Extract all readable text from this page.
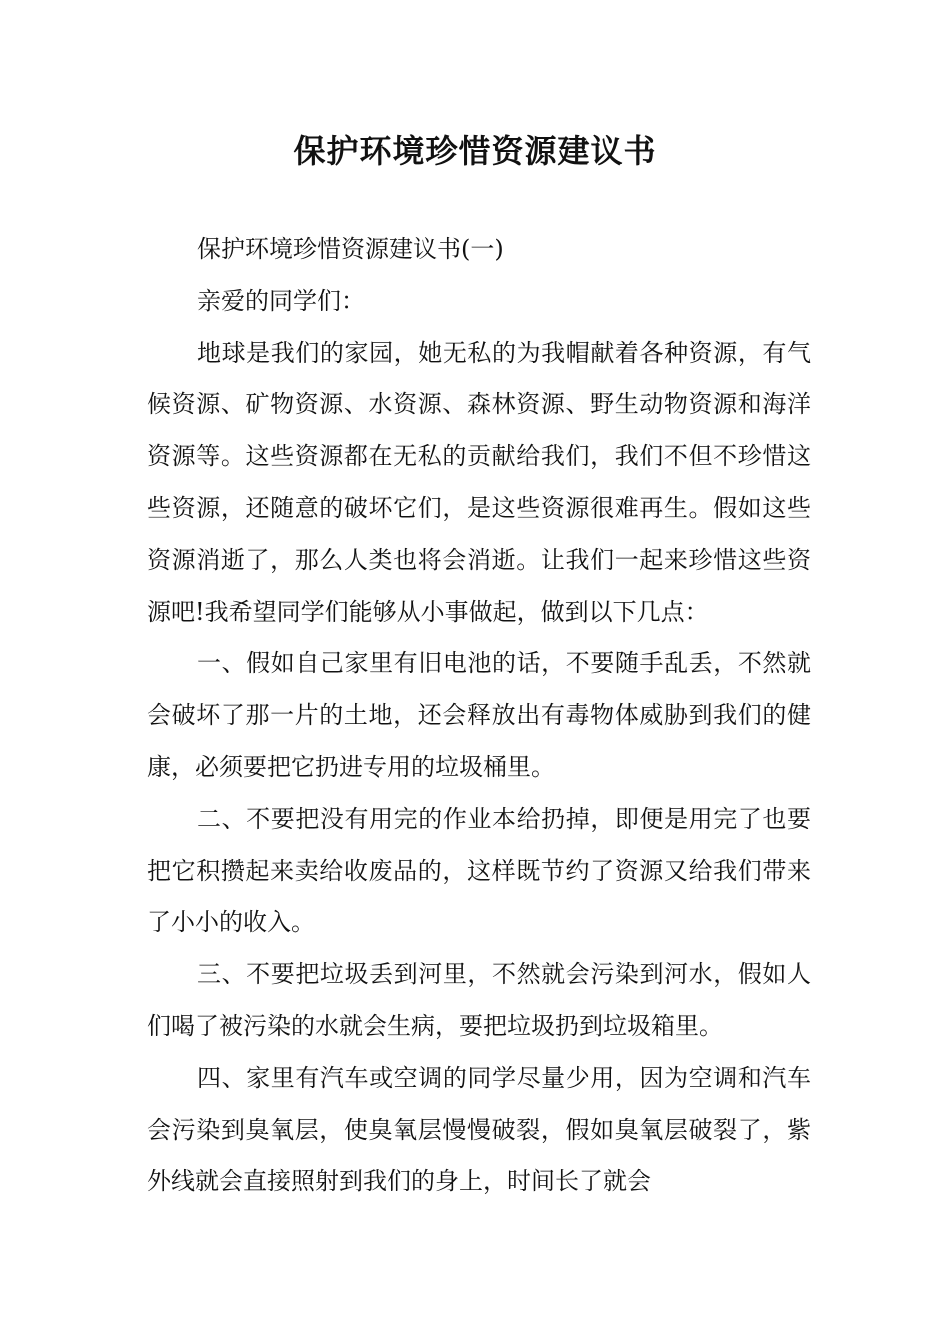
保护环境珍惜资源建议书

保护环境珍惜资源建议书(一)

亲爱的同学们：

地球是我们的家园，她无私的为我帽献着各种资源，有气候资源、矿物资源、水资源、森林资源、野生动物资源和海洋资源等。这些资源都在无私的贡献给我们，我们不但不珍惜这些资源，还随意的破坏它们，是这些资源很难再生。假如这些资源消逝了，那么人类也将会消逝。让我们一起来珍惜这些资源吧!我希望同学们能够从小事做起，做到以下几点：

一、假如自己家里有旧电池的话，不要随手乱丢，不然就会破坏了那一片的土地，还会释放出有毒物体威胁到我们的健康，必须要把它扔进专用的垃圾桶里。

二、不要把没有用完的作业本给扔掉，即便是用完了也要把它积攒起来卖给收废品的，这样既节约了资源又给我们带来了小小的收入。

三、不要把垃圾丢到河里，不然就会污染到河水，假如人们喝了被污染的水就会生病，要把垃圾扔到垃圾箱里。

四、家里有汽车或空调的同学尽量少用，因为空调和汽车会污染到臭氧层，使臭氧层慢慢破裂，假如臭氧层破裂了，紫外线就会直接照射到我们的身上，时间长了就会
